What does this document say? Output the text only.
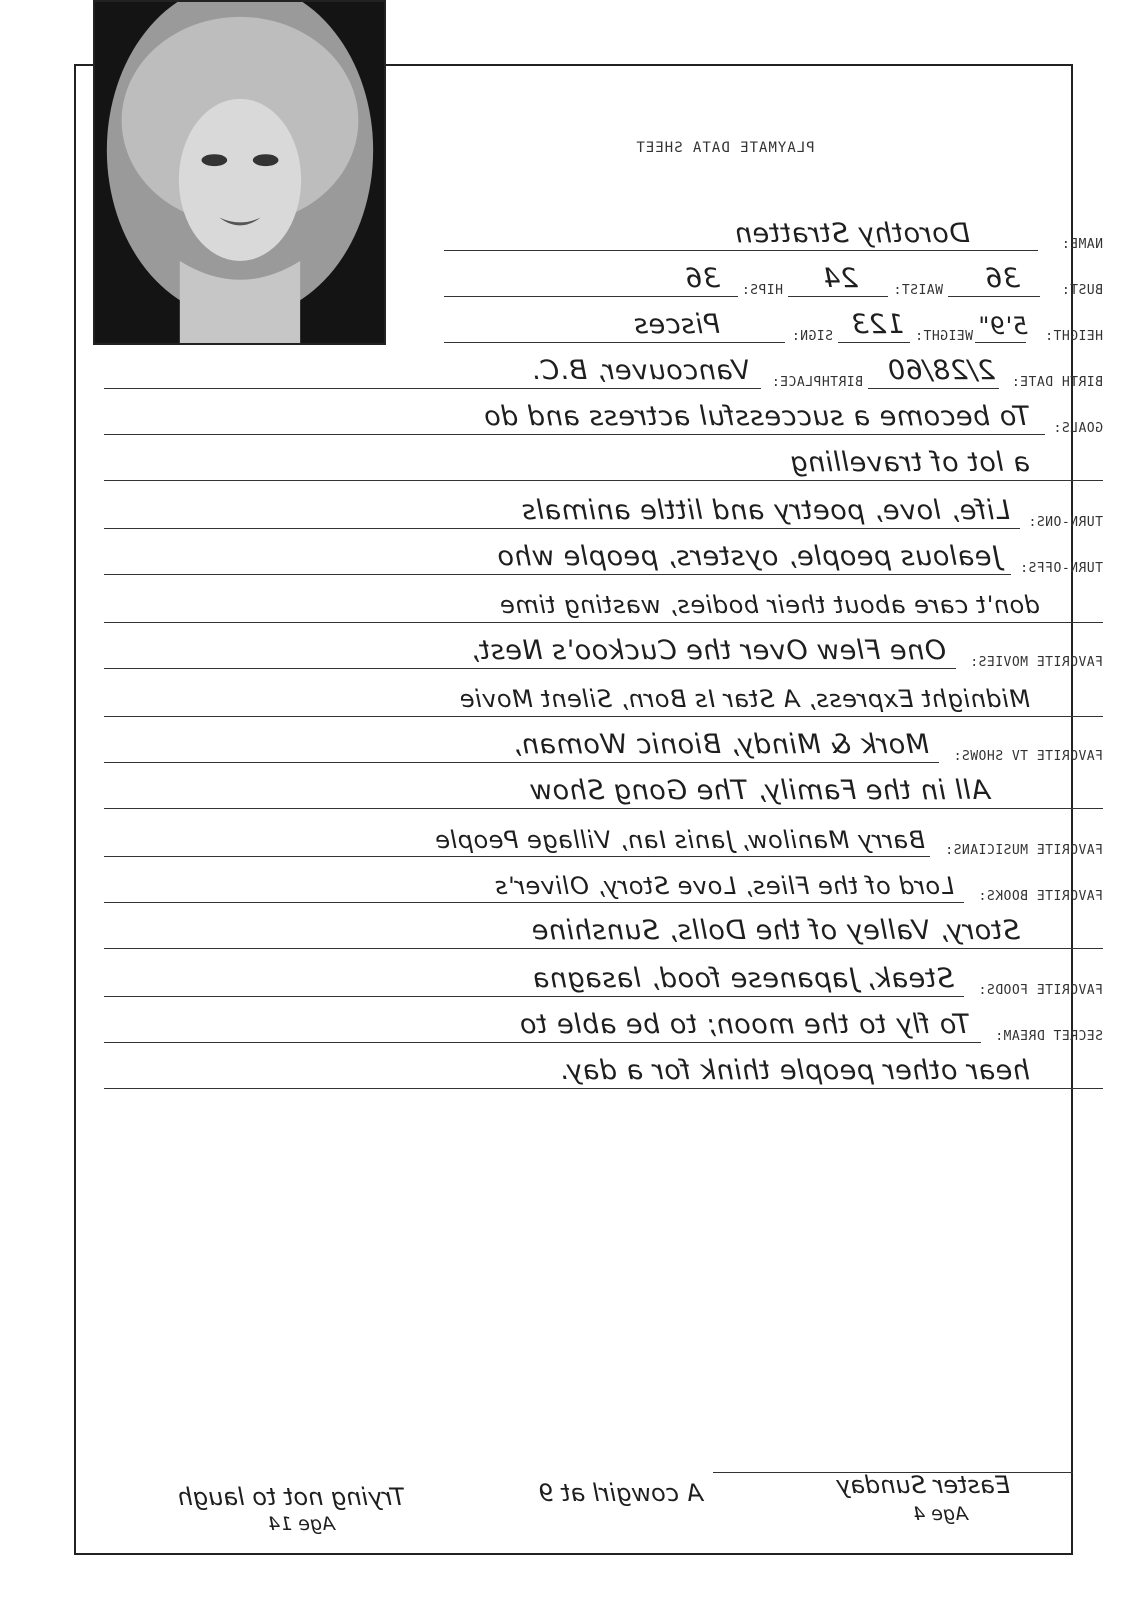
PLAYMATE DATA SHEET
NAME:
Dorothy Stratten
BUST:
36
WAIST:
24
HIPS:
36
HEIGHT:
5'9"
WEIGHT:
123
SIGN:
Pisces
BIRTH DATE:
2/28/60
BIRTHPLACE:
Vancouver, B.C.
GOALS:
To become a successful actress and do
a lot of travelling
TURN-ONS:
Life, love, poetry and little animals
TURN-OFFS:
Jealous people, oysters, people who
don't care about their bodies, wasting time
FAVORITE MOVIES:
One Flew Over the Cuckoo's Nest,
Midnight Express, A Star Is Born, Silent Movie
FAVORITE TV SHOWS:
Mork & Mindy, Bionic Woman,
All in the Family, The Gong Show
FAVORITE MUSICIANS:
Barry Manilow, Janis Ian, Village People
FAVORITE BOOKS:
Lord of the Flies, Love Story, Oliver's
Story, Valley of the Dolls, Sunshine
FAVORITE FOODS:
Steak, Japanese food, lasagna
SECRET DREAM:
To fly to the moon; to be able to
hear other people think for a day.
Easter Sunday
Age 4
A cowgirl at 9
Trying not to laugh
Age 14
